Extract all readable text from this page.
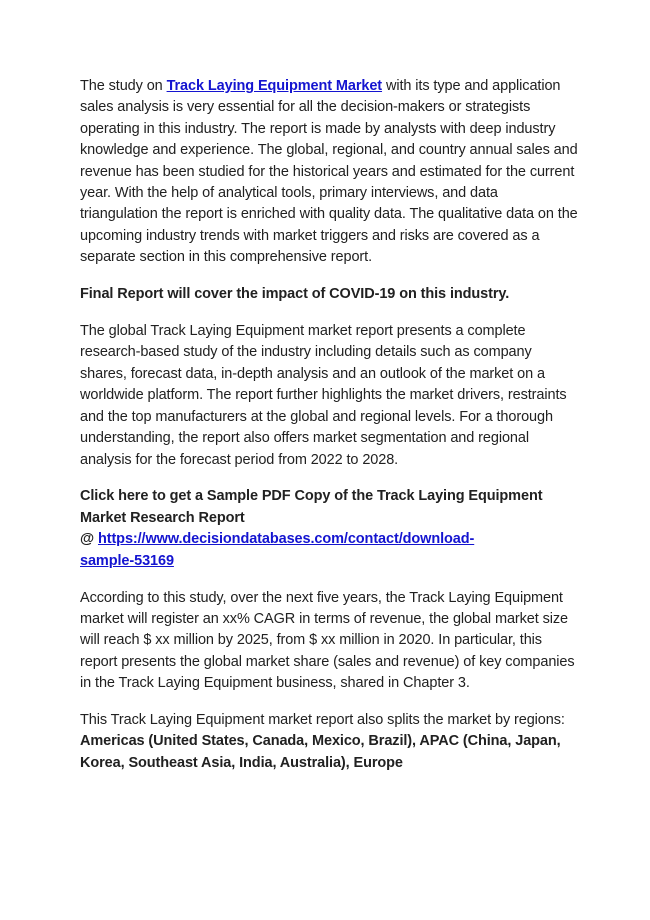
The study on Track Laying Equipment Market with its type and application sales analysis is very essential for all the decision-makers or strategists operating in this industry. The report is made by analysts with deep industry knowledge and experience. The global, regional, and country annual sales and revenue has been studied for the historical years and estimated for the current year. With the help of analytical tools, primary interviews, and data triangulation the report is enriched with quality data. The qualitative data on the upcoming industry trends with market triggers and risks are covered as a separate section in this comprehensive report.

Final Report will cover the impact of COVID-19 on this industry.

The global Track Laying Equipment market report presents a complete research-based study of the industry including details such as company shares, forecast data, in-depth analysis and an outlook of the market on a worldwide platform. The report further highlights the market drivers, restraints and the top manufacturers at the global and regional levels. For a thorough understanding, the report also offers market segmentation and regional analysis for the forecast period from 2022 to 2028.

Click here to get a Sample PDF Copy of the Track Laying Equipment Market Research Report
@ https://www.decisiondatabases.com/contact/download-
sample-53169

According to this study, over the next five years, the Track Laying Equipment market will register an xx% CAGR in terms of revenue, the global market size will reach $ xx million by 2025, from $ xx million in 2020. In particular, this report presents the global market share (sales and revenue) of key companies in the Track Laying Equipment business, shared in Chapter 3.

This Track Laying Equipment market report also splits the market by regions: Americas (United States, Canada, Mexico, Brazil), APAC (China, Japan, Korea, Southeast Asia, India, Australia), Europe
